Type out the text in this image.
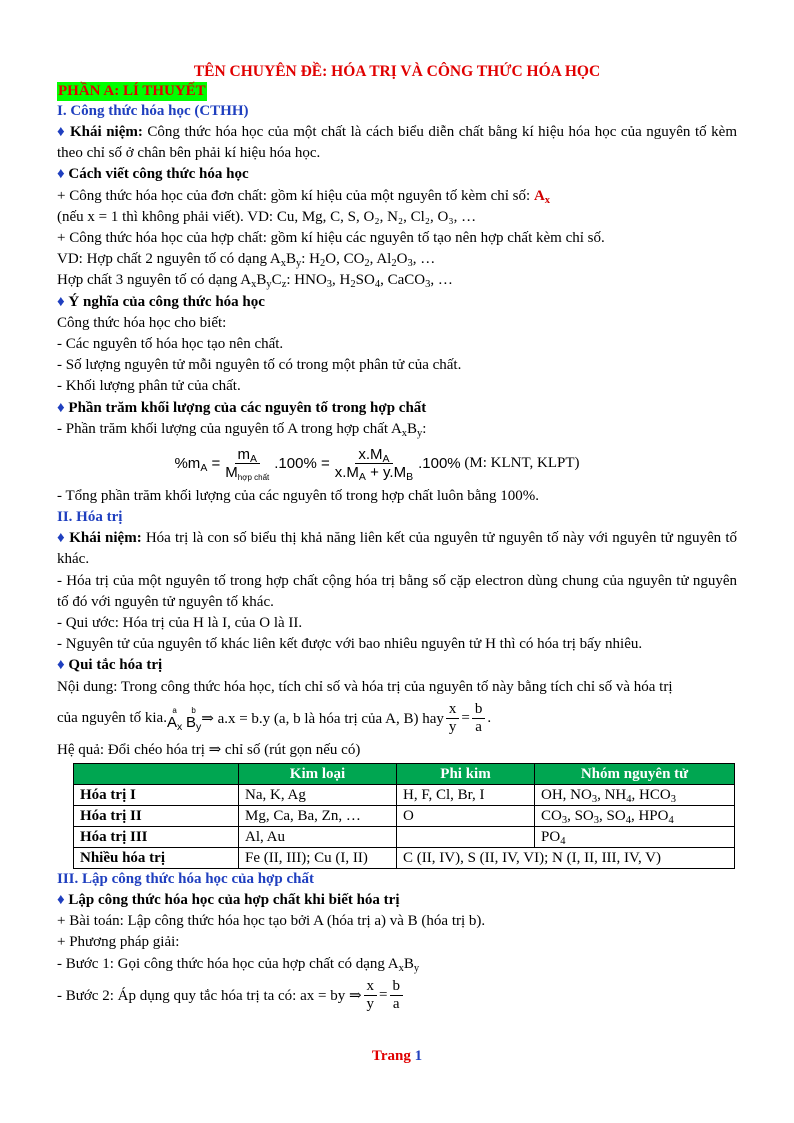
TÊN CHUYÊN ĐỀ: HÓA TRỊ VÀ CÔNG THỨC HÓA HỌC
PHẦN A: LÍ THUYẾT
I. Công thức hóa học (CTHH)
♦ Khái niệm: Công thức hóa học của một chất là cách biểu diễn chất bằng kí hiệu hóa học của nguyên tố kèm theo chỉ số ở chân bên phải kí hiệu hóa học.
♦ Cách viết công thức hóa học
+ Công thức hóa học của đơn chất: gồm kí hiệu của một nguyên tố kèm chỉ số: $A_x$
(nếu x = 1 thì không phải viết). VD: Cu, Mg, C, S, O₂, N₂, Cl₂, O₃, …
+ Công thức hóa học của hợp chất: gồm kí hiệu các nguyên tố tạo nên hợp chất kèm chỉ số.
VD: Hợp chất 2 nguyên tố có dạng $A_xB_y$: $H_2O$, $CO_2$, $Al_2O_3$, …
Hợp chất 3 nguyên tố có dạng $A_xB_yC_z$: $HNO_3$, $H_2SO_4$, CaCO$_3$, …
♦ Ý nghĩa của công thức hóa học
Công thức hóa học cho biết:
- Các nguyên tố hóa học tạo nên chất.
- Số lượng nguyên tử mỗi nguyên tố có trong một phân tử của chất.
- Khối lượng phân tử của chất.
♦ Phần trăm khối lượng của các nguyên tố trong hợp chất
- Phần trăm khối lượng của nguyên tố A trong hợp chất $A_xB_y$:
$\%m_A = \frac{m_A}{M_{hợp chất}} .100\% = \frac{x.M_A}{x.M_A + y.M_B} .100\%$
(M: KLNT, KLPT)
- Tổng phần trăm khối lượng của các nguyên tố trong hợp chất luôn bằng 100%.
II. Hóa trị
♦ Khái niệm: Hóa trị là con số biểu thị khả năng liên kết của nguyên tử nguyên tố này với nguyên tử nguyên tố khác.
- Hóa trị của một nguyên tố trong hợp chất cộng hóa trị bằng số cặp electron dùng chung của nguyên tử nguyên tố đó với nguyên tử nguyên tố khác.
- Qui ước: Hóa trị của H là I, của O là II.
- Nguyên tử của nguyên tố khác liên kết được với bao nhiêu nguyên tử H thì có hóa trị bấy nhiêu.
♦ Qui tắc hóa trị
Nội dung: Trong công thức hóa học, tích chỉ số và hóa trị của nguyên tố này bằng tích chỉ số và hóa trị
của nguyên tố kia. a
$A_x$

b
$B_y$ ⇒ a.x = b.y (a, b là hóa trị của A, B) hay $\frac{x}{y} = \frac{b}{a}$ .
Hệ quả: Đổi chéo hóa trị ⇒ chỉ số (rút gọn nếu có)
	Kim loại	Phi kim	Nhóm nguyên tử
Hóa trị I	Na, K, Ag	H, F, Cl, Br, I	OH, $NO_3$, $NH_4$, $HCO_3$
Hóa trị II	Mg, Ca, Ba, Zn, …	O	$CO_3$, $SO_3$, $SO_4$, $HPO_4$
Hóa trị III	Al, Au		$PO_4$
Nhiều hóa trị	Fe (II, III); Cu (I, II)	C (II, IV), S (II, IV, VI); N (I, II, III, IV, V)	
III. Lập công thức hóa học của hợp chất
♦ Lập công thức hóa học của hợp chất khi biết hóa trị
+ Bài toán: Lập công thức hóa học tạo bởi A (hóa trị a) và B (hóa trị b).
+ Phương pháp giải:
- Bước 1: Gọi công thức hóa học của hợp chất có dạng $A_xB_y$
- Bước 2: Áp dụng quy tắc hóa trị ta có: ax = by ⇒ $\frac{x}{y} = \frac{b}{a}$
Trang 1
